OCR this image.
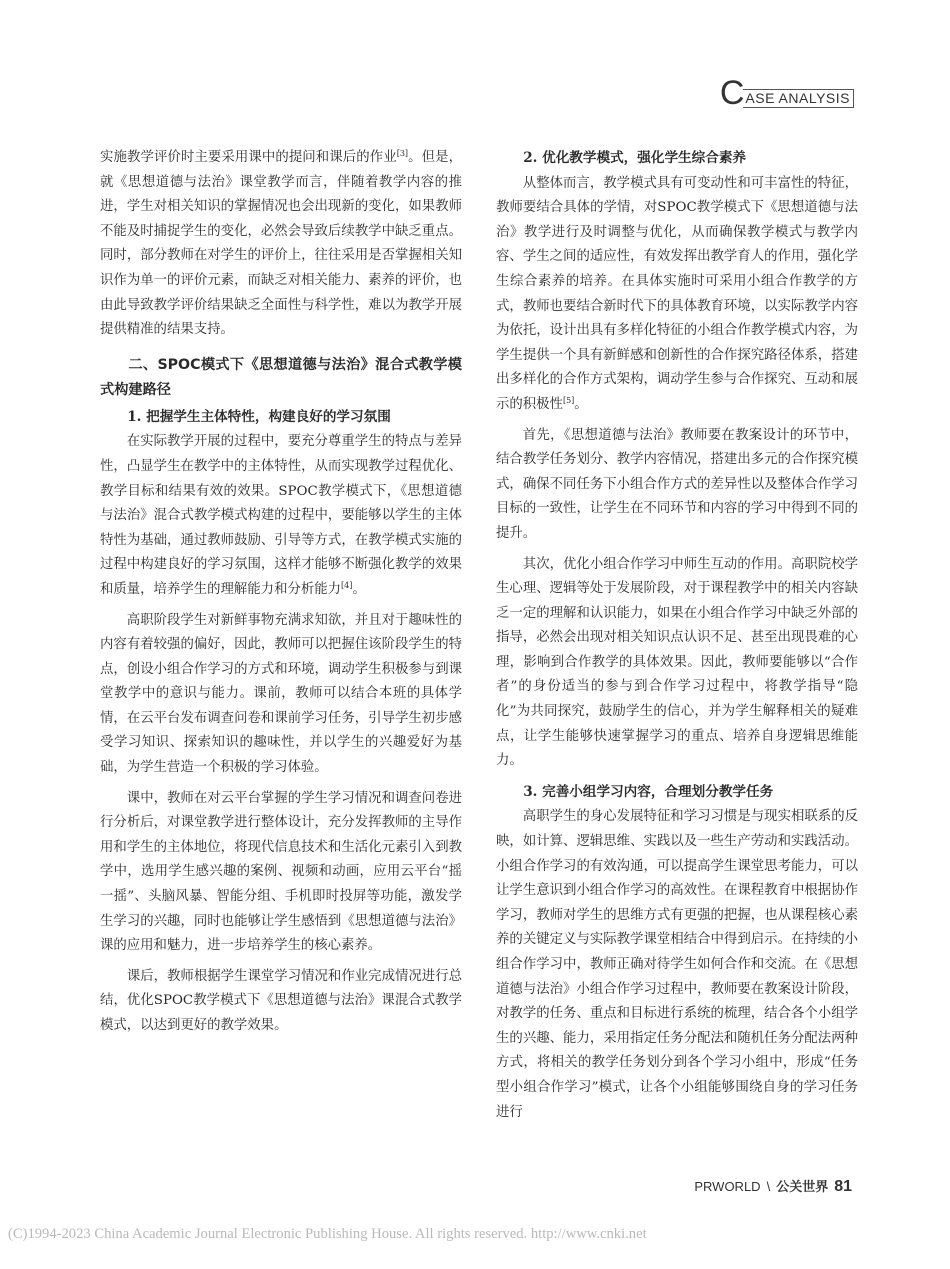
C ASE ANALYSIS

实施教学评价时主要采用课中的提问和课后的作业[3]。但是，就《思想道德与法治》课堂教学而言，伴随着教学内容的推进，学生对相关知识的掌握情况也会出现新的变化，如果教师不能及时捕捉学生的变化，必然会导致后续教学中缺乏重点。同时，部分教师在对学生的评价上，往往采用是否掌握相关知识作为单一的评价元素，而缺乏对相关能力、素养的评价，也由此导致教学评价结果缺乏全面性与科学性，难以为教学开展提供精准的结果支持。

二、SPOC模式下《思想道德与法治》混合式教学模式构建路径
1. 把握学生主体特性，构建良好的学习氛围

在实际教学开展的过程中，要充分尊重学生的特点与差异性，凸显学生在教学中的主体特性，从而实现教学过程优化、教学目标和结果有效的效果。SPOC教学模式下，《思想道德与法治》混合式教学模式构建的过程中，要能够以学生的主体特性为基础，通过教师鼓励、引导等方式，在教学模式实施的过程中构建良好的学习氛围，这样才能够不断强化教学的效果和质量，培养学生的理解能力和分析能力[4]。

高职阶段学生对新鲜事物充满求知欲，并且对于趣味性的内容有着较强的偏好，因此，教师可以把握住该阶段学生的特点，创设小组合作学习的方式和环境，调动学生积极参与到课堂教学中的意识与能力。课前，教师可以结合本班的具体学情，在云平台发布调查问卷和课前学习任务，引导学生初步感受学习知识、探索知识的趣味性，并以学生的兴趣爱好为基础，为学生营造一个积极的学习体验。

课中，教师在对云平台掌握的学生学习情况和调查问卷进行分析后，对课堂教学进行整体设计，充分发挥教师的主导作用和学生的主体地位，将现代信息技术和生活化元素引入到教学中，选用学生感兴趣的案例、视频和动画，应用云平台“摇一摇”、头脑风暴、智能分组、手机即时投屏等功能，激发学生学习的兴趣，同时也能够让学生感悟到《思想道德与法治》课的应用和魅力，进一步培养学生的核心素养。

课后，教师根据学生课堂学习情况和作业完成情况进行总结，优化SPOC教学模式下《思想道德与法治》课混合式教学模式，以达到更好的教学效果。

2. 优化教学模式，强化学生综合素养

从整体而言，教学模式具有可变动性和可丰富性的特征，教师要结合具体的学情，对SPOC教学模式下《思想道德与法治》教学进行及时调整与优化，从而确保教学模式与教学内容、学生之间的适应性，有效发挥出教学育人的作用，强化学生综合素养的培养。在具体实施时可采用小组合作教学的方式，教师也要结合新时代下的具体教育环境，以实际教学内容为依托，设计出具有多样化特征的小组合作教学模式内容，为学生提供一个具有新鲜感和创新性的合作探究路径体系，搭建出多样化的合作方式架构，调动学生参与合作探究、互动和展示的积极性[5]。

首先，《思想道德与法治》教师要在教案设计的环节中，结合教学任务划分、教学内容情况，搭建出多元的合作探究模式，确保不同任务下小组合作方式的差异性以及整体合作学习目标的一致性，让学生在不同环节和内容的学习中得到不同的提升。

其次，优化小组合作学习中师生互动的作用。高职院校学生心理、逻辑等处于发展阶段，对于课程教学中的相关内容缺乏一定的理解和认识能力，如果在小组合作学习中缺乏外部的指导，必然会出现对相关知识点认识不足、甚至出现畏难的心理，影响到合作教学的具体效果。因此，教师要能够以“合作者”的身份适当的参与到合作学习过程中，将教学指导“隐化”为共同探究，鼓励学生的信心，并为学生解释相关的疑难点，让学生能够快速掌握学习的重点、培养自身逻辑思维能力。

3. 完善小组学习内容，合理划分教学任务

高职学生的身心发展特征和学习习惯是与现实相联系的反映，如计算、逻辑思维、实践以及一些生产劳动和实践活动。小组合作学习的有效沟通，可以提高学生课堂思考能力，可以让学生意识到小组合作学习的高效性。在课程教育中根据协作学习，教师对学生的思维方式有更强的把握，也从课程核心素养的关键定义与实际教学课堂相结合中得到启示。在持续的小组合作学习中，教师正确对待学生如何合作和交流。在《思想道德与法治》小组合作学习过程中，教师要在教案设计阶段，对教学的任务、重点和目标进行系统的梳理，结合各个小组学生的兴趣、能力，采用指定任务分配法和随机任务分配法两种方式，将相关的教学任务划分到各个学习小组中，形成“任务型小组合作学习”模式，让各个小组能够围绕自身的学习任务进行

PRWORLD \ 公关世界 81
(C)1994-2023 China Academic Journal Electronic Publishing House. All rights reserved. http://www.cnki.net
